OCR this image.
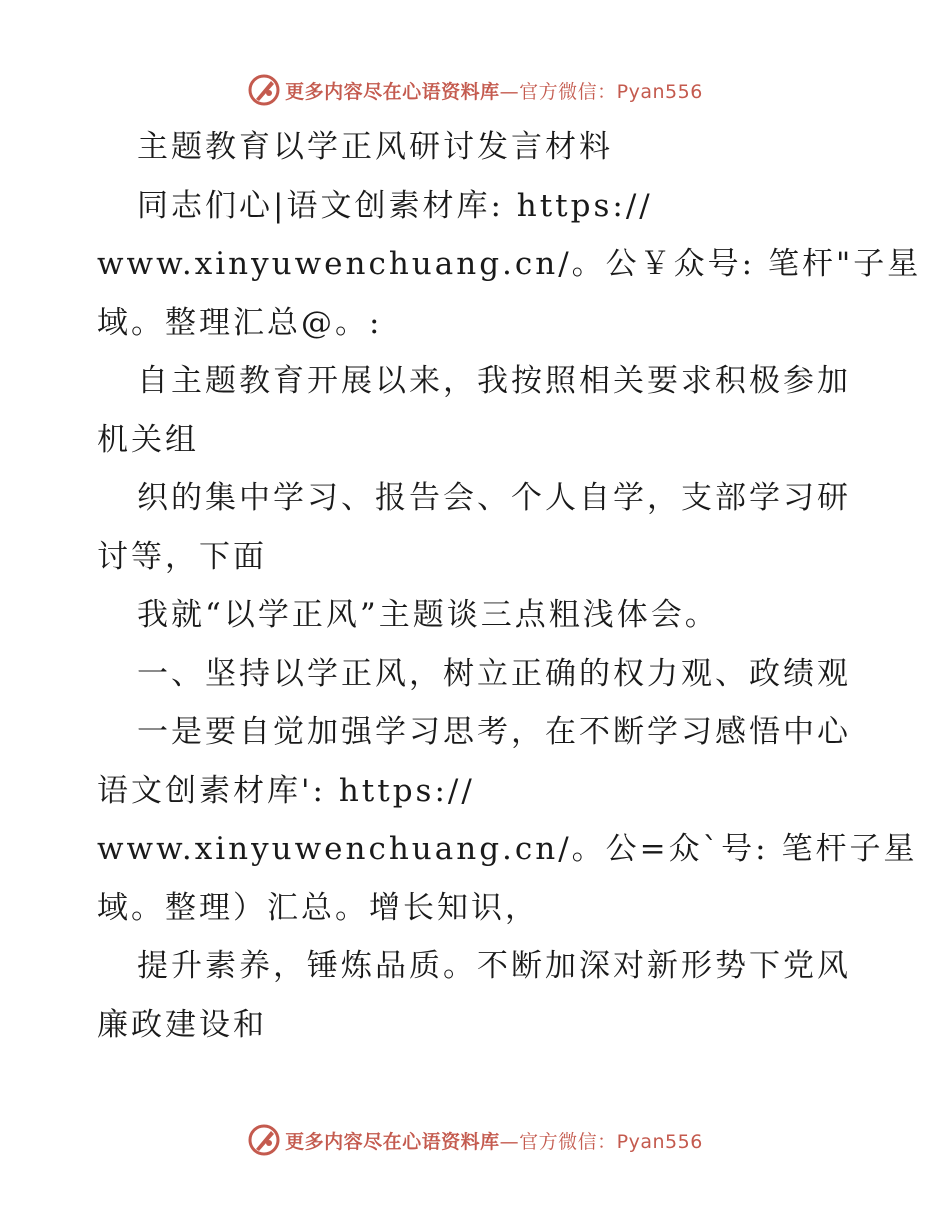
更多内容尽在心语资料库 —官方微信：Pyan556
主题教育以学正风研讨发言材料
同志们心|语文创素材库: https://
www.xinyuwenchuang.cn/。公￥众号: 笔杆"子星
域。整理汇总@。:
自主题教育开展以来，我按照相关要求积极参加
机关组
织的集中学习、报告会、个人自学，支部学习研
讨等，下面
我就“以学正风”主题谈三点粗浅体会。
一、坚持以学正风，树立正确的权力观、政绩观
一是要自觉加强学习思考，在不断学习感悟中心
语文创素材库': https://
www.xinyuwenchuang.cn/。公=众`号: 笔杆子星
域。整理）汇总。增长知识，
提升素养，锤炼品质。不断加深对新形势下党风
廉政建设和
更多内容尽在心语资料库 —官方微信：Pyan556
